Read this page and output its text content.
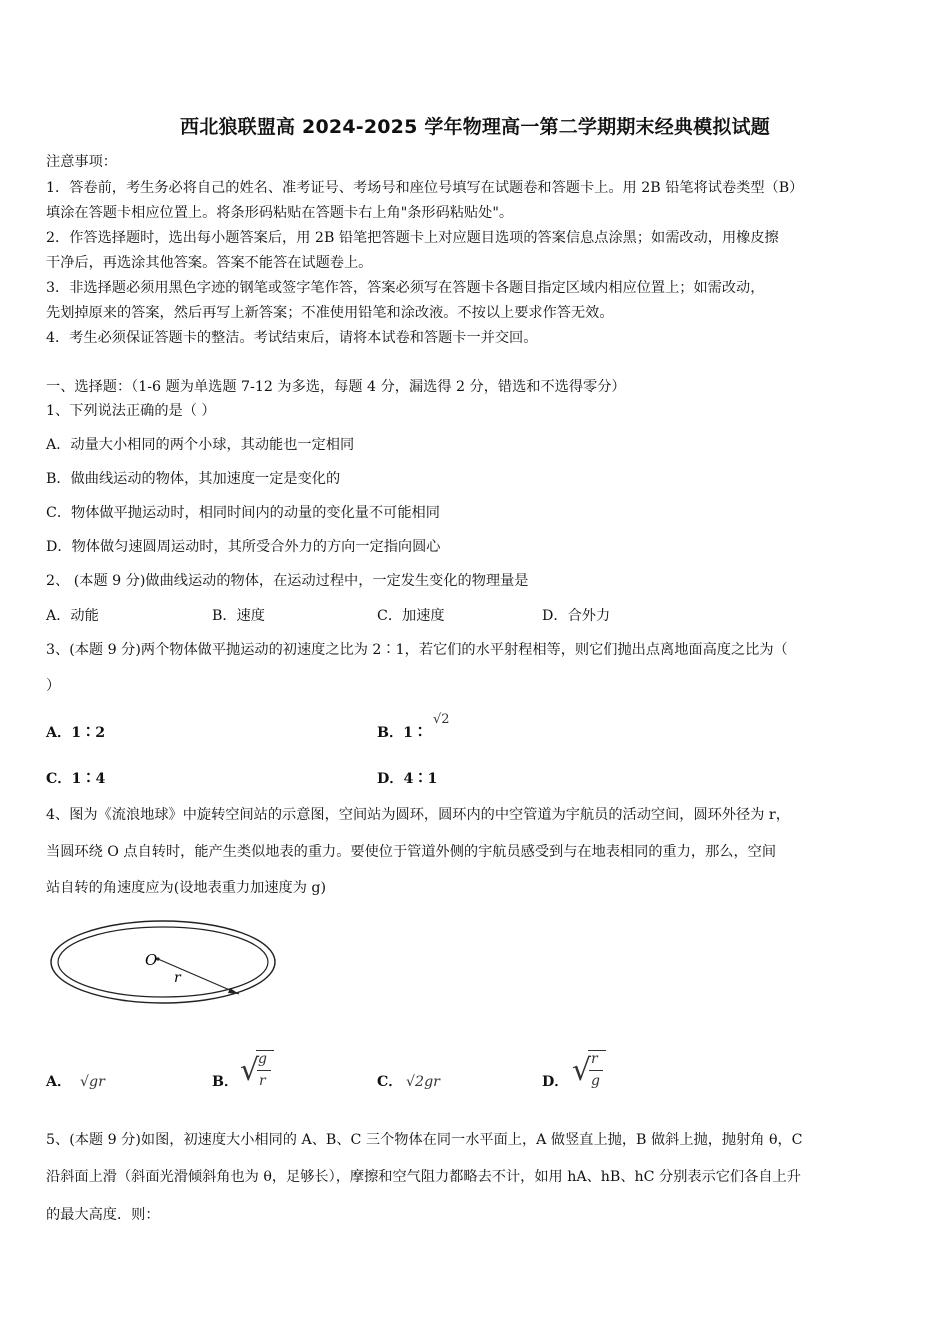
西北狼联盟高 2024-2025 学年物理高一第二学期期末经典模拟试题
注意事项：
1．答卷前，考生务必将自己的姓名、准考证号、考场号和座位号填写在试题卷和答题卡上。用 2B 铅笔将试卷类型（B）
填涂在答题卡相应位置上。将条形码粘贴在答题卡右上角"条形码粘贴处"。
2．作答选择题时，选出每小题答案后，用 2B 铅笔把答题卡上对应题目选项的答案信息点涂黑；如需改动，用橡皮擦
干净后，再选涂其他答案。答案不能答在试题卷上。
3．非选择题必须用黑色字迹的钢笔或签字笔作答，答案必须写在答题卡各题目指定区域内相应位置上；如需改动，
先划掉原来的答案，然后再写上新答案；不准使用铅笔和涂改液。不按以上要求作答无效。
4．考生必须保证答题卡的整洁。考试结束后，请将本试卷和答题卡一并交回。
一、选择题：（1-6 题为单选题 7-12 为多选，每题 4 分，漏选得 2 分，错选和不选得零分）
1、下列说法正确的是（ ）
A．动量大小相同的两个小球，其动能也一定相同
B．做曲线运动的物体，其加速度一定是变化的
C．物体做平抛运动时，相同时间内的动量的变化量不可能相同
D．物体做匀速圆周运动时，其所受合外力的方向一定指向圆心
2、 (本题 9 分)做曲线运动的物体，在运动过程中，一定发生变化的物理量是
A．动能	B．速度	C．加速度	D．合外力
3、(本题 9 分)两个物体做平抛运动的初速度之比为 2∶1，若它们的水平射程相等，则它们抛出点离地面高度之比为（
）
A．1∶2	B．1∶
√2
C．1∶4	D．4∶1
4、图为《流浪地球》中旋转空间站的示意图，空间站为圆环，圆环内的中空管道为宇航员的活动空间，圆环外径为 r，
当圆环绕 O 点自转时，能产生类似地表的重力。要使位于管道外侧的宇航员感受到与在地表相同的重力，那么，空间
站自转的角速度应为(设地表重力加速度为 g)
O
r
A． √gr	B． √
g
r	C． √2gr	D． √ r
g
5、(本题 9 分)如图，初速度大小相同的 A、B、C 三个物体在同一水平面上，A 做竖直上抛，B 做斜上抛，抛射角 θ，C
沿斜面上滑（斜面光滑倾斜角也为 θ，足够长），摩擦和空气阻力都略去不计，如用 hA、hB、hC 分别表示它们各自上升
的最大高度．则：
